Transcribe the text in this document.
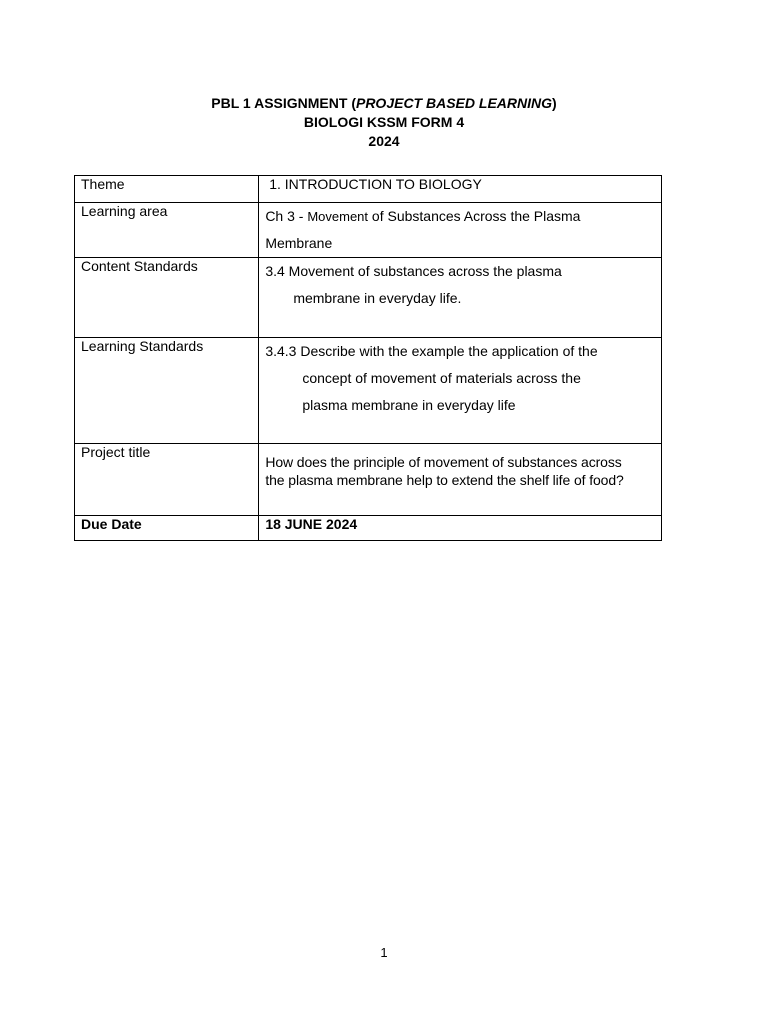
PBL 1 ASSIGNMENT (PROJECT BASED LEARNING)
BIOLOGI KSSM FORM 4
2024
Theme	1. INTRODUCTION TO BIOLOGY
Learning area	Ch 3 - Movement of Substances Across the Plasma
Membrane
Content Standards	3.4 Movement of substances across the plasma
membrane in everyday life.
Learning Standards	3.4.3 Describe with the example the application of the
concept of movement of materials across the
plasma membrane in everyday life
Project title	How does the principle of movement of substances across
the plasma membrane help to extend the shelf life of food?

Due Date	18 JUNE 2024
1
